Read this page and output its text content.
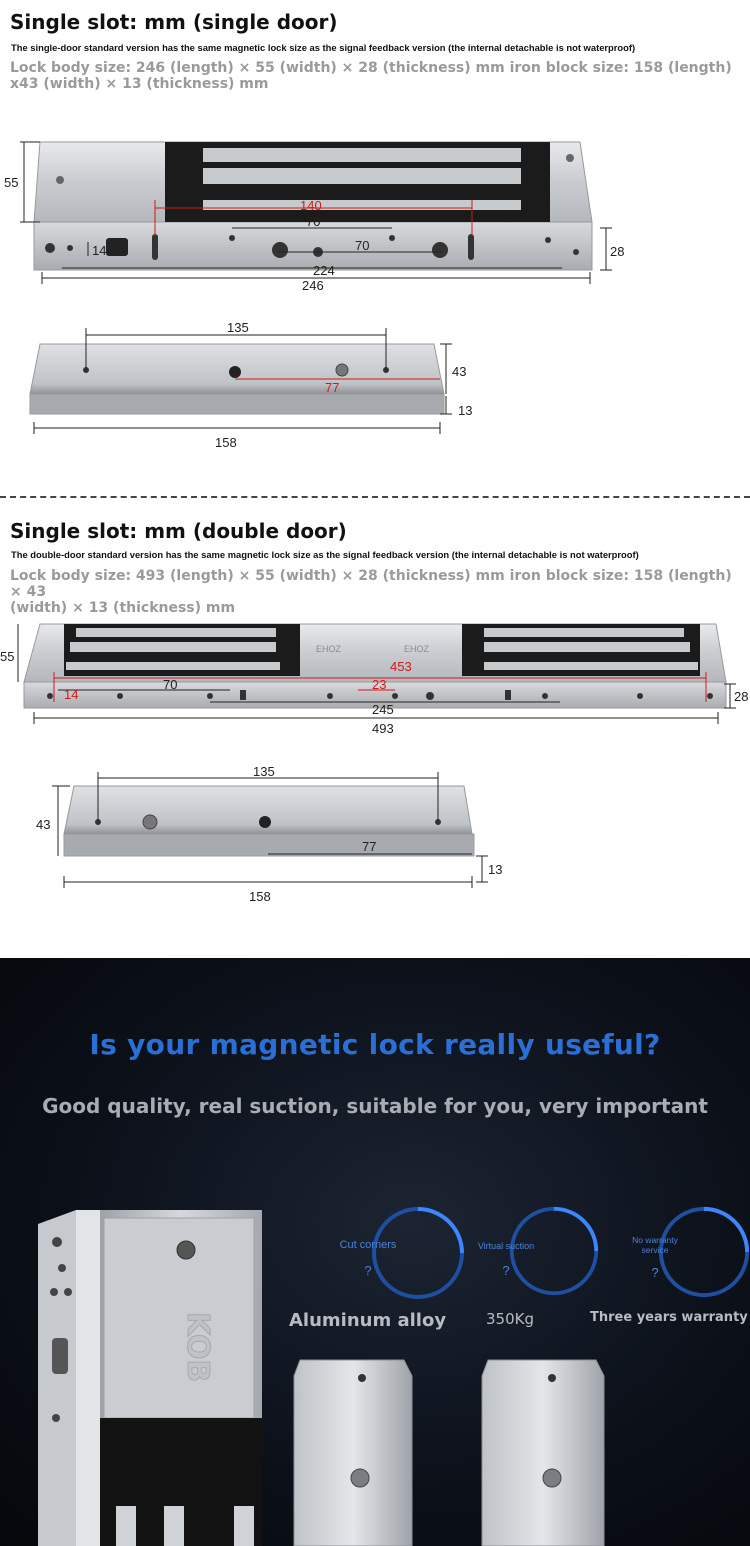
Single slot: mm (single door)
The single-door standard version has the same magnetic lock size as the signal feedback version (the internal detachable is not waterproof)
Lock body size: 246 (length) × 55 (width) × 28 (thickness) mm iron block size: 158 (length)
x43 (width) × 13 (thickness) mm
55
140
70
70
14
224
246
28
135
77
43
13
158
Single slot: mm (double door)
The double-door standard version has the same magnetic lock size as the signal feedback version (the internal detachable is not waterproof)
Lock body size: 493 (length) × 55 (width) × 28 (thickness) mm iron block size: 158 (length) × 43
(width) × 13 (thickness) mm
EHOZ	EHOZ
55
453
14
70	23
245
493
28
135
43
77
13
158
Is your magnetic lock really useful?
Good quality, real suction, suitable for you, very important
Cut corners
?
Aluminum alloy
Virtual suction
?
350Kg
No warranty service
?
Three years warranty
KOB
